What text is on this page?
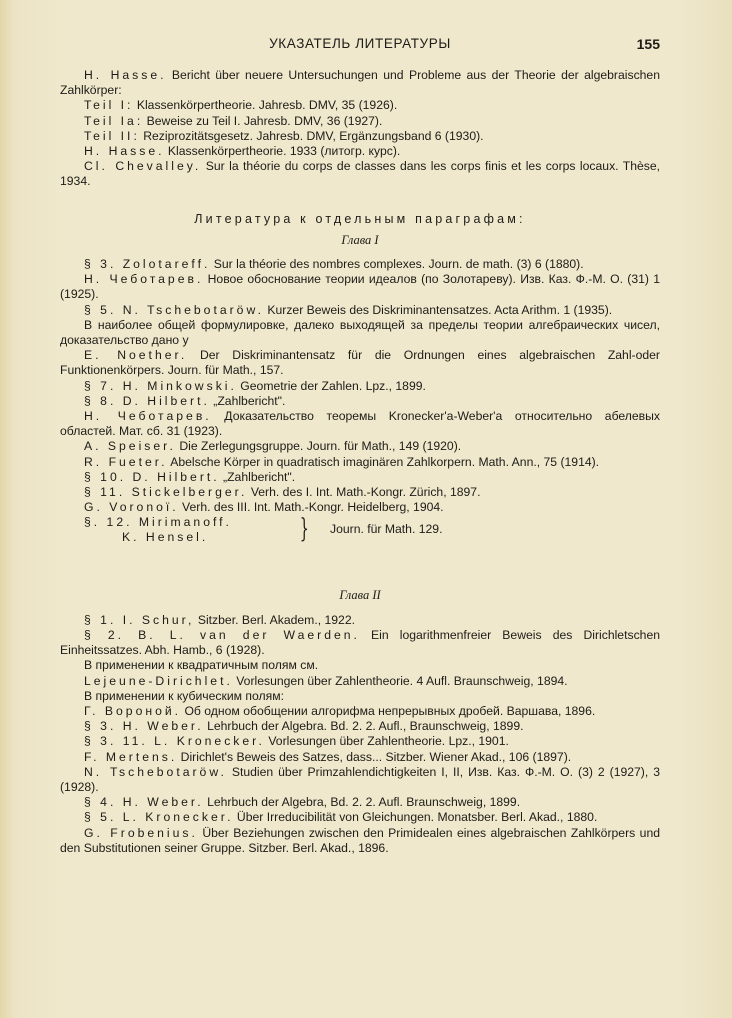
УКАЗАТЕЛЬ ЛИТЕРАТУРЫ	155

H. Hasse. Bericht über neuere Untersuchungen und Probleme aus der Theorie der algebraischen Zahlkörper:

Teil I: Klassenkörpertheorie. Jahresb. DMV, 35 (1926).

Teil Ia: Beweise zu Teil I. Jahresb. DMV, 36 (1927).

Teil II: Reziprozitätsgesetz. Jahresb. DMV, Ergänzungsband 6 (1930).

H. Hasse. Klassenkörpertheorie. 1933 (литогр. курс).

Cl. Chevalley. Sur la théorie du corps de classes dans les corps finis et les corps locaux. Thèse, 1934.

Литература к отдельным параграфам:
Глава I

§ 3. Zolotareff. Sur la théorie des nombres complexes. Journ. de math. (3) 6 (1880).

Н. Чеботарев. Новое обоснование теории идеалов (по Золотареву). Изв. Каз. Ф.-М. О. (31) 1 (1925).

§ 5. N. Tschebotaröw. Kurzer Beweis des Diskriminantensatzes. Acta Arithm. 1 (1935).

В наиболее общей формулировке, далеко выходящей за пределы теории алгебраических чисел, доказательство дано у

E. Noether. Der Diskriminantensatz für die Ordnungen eines algebraischen Zahl-oder Funktionenkörpers. Journ. für Math., 157.

§ 7. H. Minkowski. Geometrie der Zahlen. Lpz., 1899.

§ 8. D. Hilbert. „Zahlbericht".

Н. Чеботарев. Доказательство теоремы Kronecker'a-Weber'a относительно абелевых областей. Мат. сб. 31 (1923).

A. Speiser. Die Zerlegungsgruppe. Journ. für Math., 149 (1920).

R. Fueter. Abelsche Körper in quadratisch imaginären Zahlkorpern. Math. Ann., 75 (1914).

§ 10. D. Hilbert. „Zahlbericht".

§ 11. Stickelberger. Verh. des I. Int. Math.-Kongr. Zürich, 1897.

G. Voronoï. Verh. des III. Int. Math.-Kongr. Heidelberg, 1904.

§. 12. Mirimanoff.
K. Hensel.	} Journ. für Math. 129.
Глава II

§ 1. I. Schur, Sitzber. Berl. Akadem., 1922.

§ 2. B. L. van der Waerden. Ein logarithmenfreier Beweis des Dirichletschen Einheitssatzes. Abh. Hamb., 6 (1928).

В применении к квадратичным полям см.

Lejeune-Dirichlet. Vorlesungen über Zahlentheorie. 4 Aufl. Braunschweig, 1894.

В применении к кубическим полям:

Г. Вороной. Об одном обобщении алгорифма непрерывных дробей. Варшава, 1896.

§ 3. H. Weber. Lehrbuch der Algebra. Bd. 2. 2. Aufl., Braunschweig, 1899.

§ 3. 11. L. Kronecker. Vorlesungen über Zahlentheorie. Lpz., 1901.

F. Mertens. Dirichlet's Beweis des Satzes, dass... Sitzber. Wiener Akad., 106 (1897).

N. Tschebotaröw. Studien über Primzahlendichtigkeiten I, II, Изв. Каз. Ф.-М. О. (3) 2 (1927), 3 (1928).

§ 4. H. Weber. Lehrbuch der Algebra, Bd. 2. 2. Aufl. Braunschweig, 1899.

§ 5. L. Kronecker. Über Irreducibilität von Gleichungen. Monatsber. Berl. Akad., 1880.

G. Frobenius. Über Beziehungen zwischen den Primidealen eines algebraischen Zahlkörpers und den Substitutionen seiner Gruppe. Sitzber. Berl. Akad., 1896.
